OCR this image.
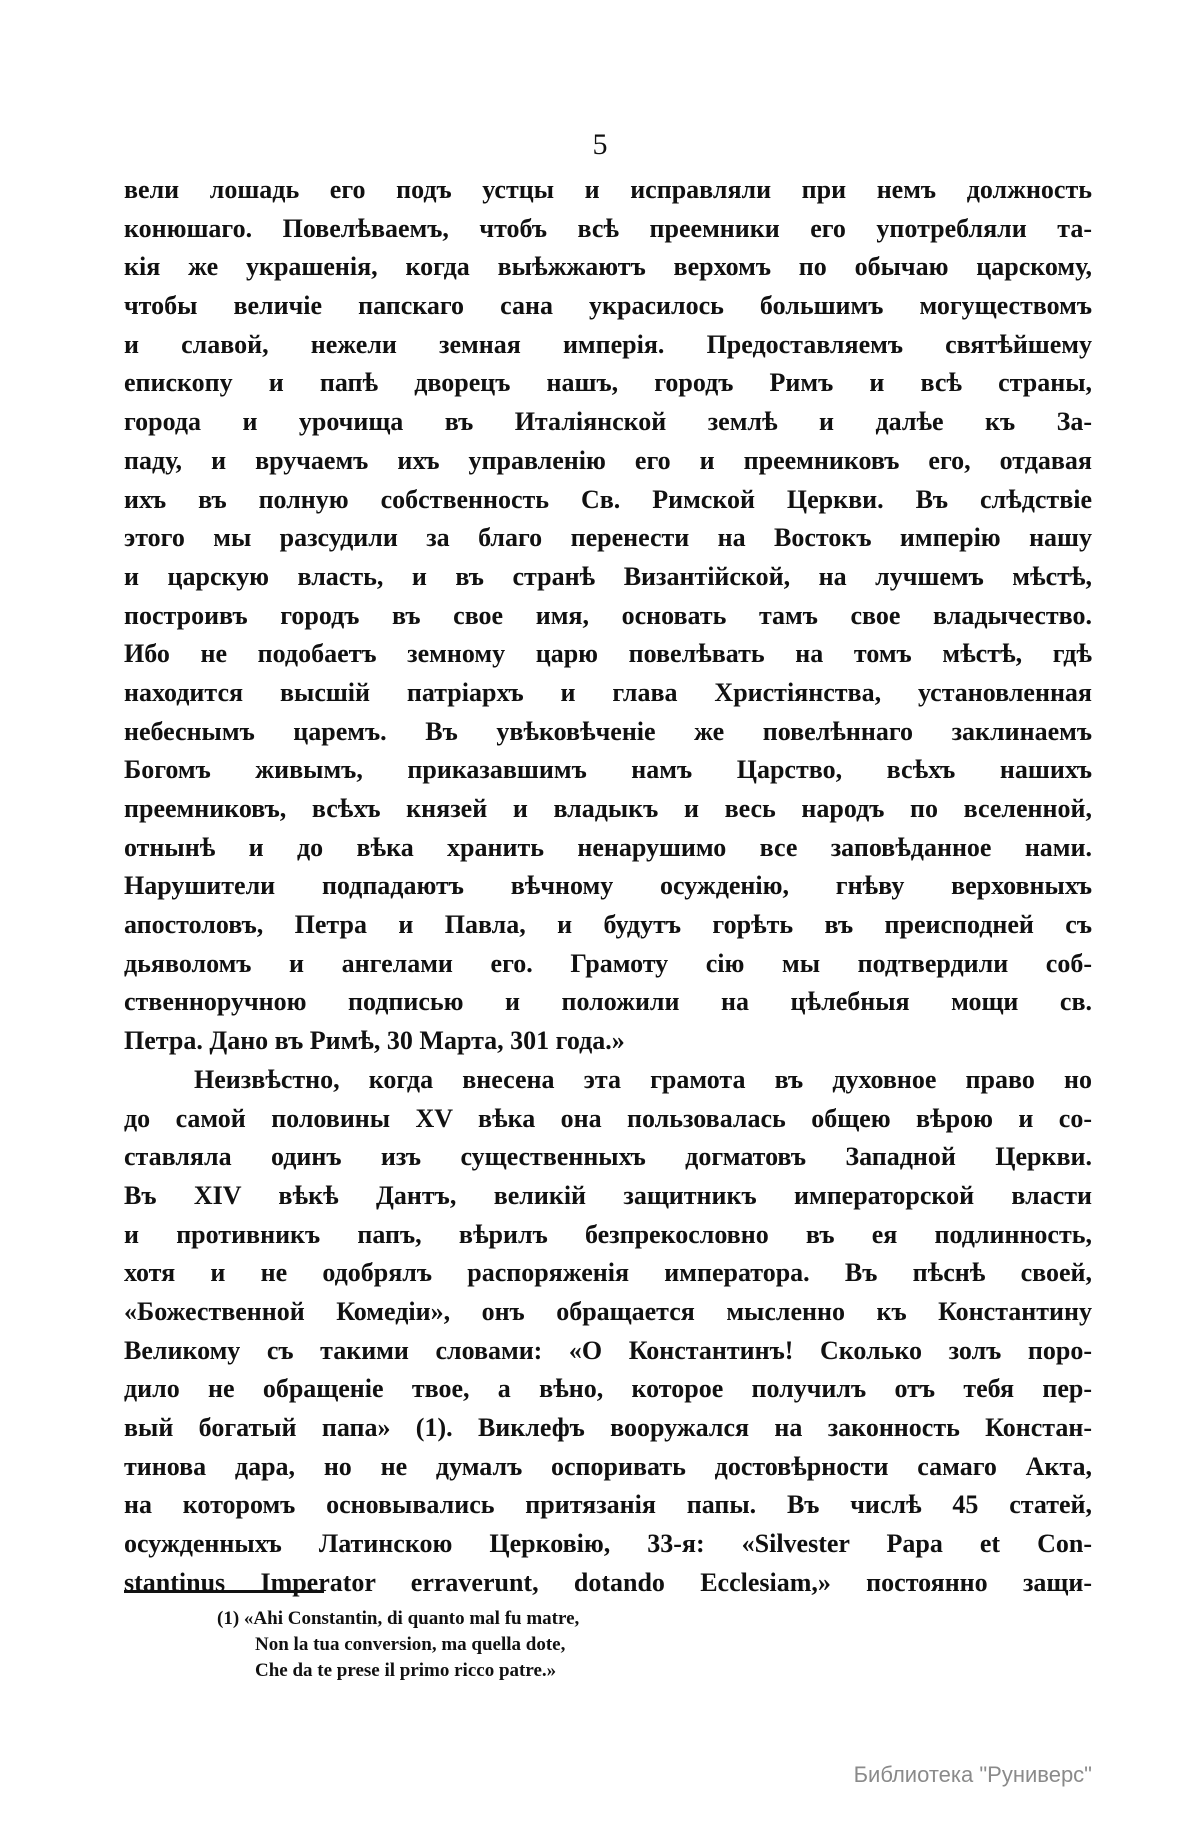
5
вели лошадь его подъ устцы и исправляли при немъ должность
конюшаго. Повелѣваемъ, чтобъ всѣ преемники его употребляли та-
кія же украшенія, когда выѣжжаютъ верхомъ по обычаю царскому,
чтобы величіе папскаго сана украсилось большимъ могуществомъ
и славой, нежели земная имперія. Предоставляемъ святѣйшему
епископу и папѣ дворецъ нашъ, городъ Римъ и всѣ страны,
города и урочища въ Италіянской землѣ и далѣе къ За-
паду, и вручаемъ ихъ управленію его и преемниковъ его, отдавая
ихъ въ полную собственность Св. Римской Церкви. Въ слѣдствіе
этого мы разсудили за благо перенести на Востокъ имперію нашу
и царскую власть, и въ странѣ Византійской, на лучшемъ мѣстѣ,
построивъ городъ въ свое имя, основать тамъ свое владычество.
Ибо не подобаетъ земному царю повелѣвать на томъ мѣстѣ, гдѣ
находится высшій патріархъ и глава Христіянства, установленная
небеснымъ царемъ. Въ увѣковѣченіе же повелѣннаго заклинаемъ
Богомъ живымъ, приказавшимъ намъ Царство, всѣхъ нашихъ
преемниковъ, всѣхъ князей и владыкъ и весь народъ по вселенной,
отнынѣ и до вѣка хранить ненарушимо все заповѣданное нами.
Нарушители подпадаютъ вѣчному осужденію, гнѣву верховныхъ
апостоловъ, Петра и Павла, и будутъ горѣть въ преисподней съ
дьяволомъ и ангелами его. Грамоту сію мы подтвердили соб-
ственноручною подписью и положили на цѣлебныя мощи св.
Петра. Дано въ Римѣ, 30 Марта, 301 года.»
Неизвѣстно, когда внесена эта грамота въ духовное право но
до самой половины XV вѣка она пользовалась общею вѣрою и со-
ставляла одинъ изъ существенныхъ догматовъ Западной Церкви.
Въ XIV вѣкѣ Дантъ, великій защитникъ императорской власти
и противникъ папъ, вѣрилъ безпрекословно въ ея подлинность,
хотя и не одобрялъ распоряженія императора. Въ пѣснѣ своей,
«Божественной Комедіи», онъ обращается мысленно къ Константину
Великому съ такими словами: «О Константинъ! Сколько золъ поро-
дило не обращеніе твое, а вѣно, которое получилъ отъ тебя пер-
вый богатый папа» (1). Виклефъ вооружался на законность Констан-
тинова дара, но не думалъ оспоривать достовѣрности самаго Акта,
на которомъ основывались притязанія папы. Въ числѣ 45 статей,
осужденныхъ Латинскою Церковію, 33-я: «Silvester Papa et Con-
stantinus Imperator erraverunt, dotando Ecclesiam,» постоянно защи-
(1) «Ahi Constantin, di quanto mal fu matre,
Non la tua conversion, ma quella dote,
Che da te prese il primo ricco patre.»
Библиотека "Руниверс"
